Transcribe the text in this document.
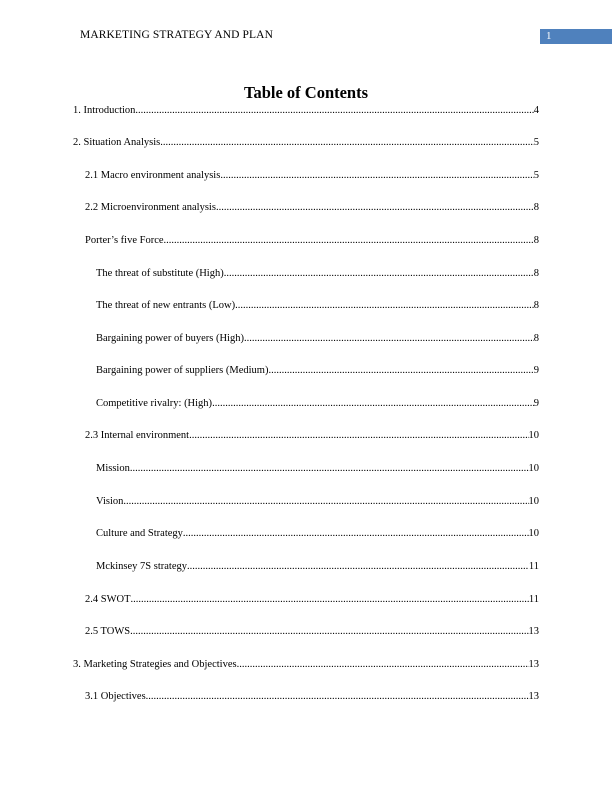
MARKETING STRATEGY AND PLAN	1
Table of Contents
1. Introduction .....	4
2. Situation Analysis .....	5
2.1 Macro environment analysis .....	5
2.2 Microenvironment analysis .....	8
Porter’s five Force .....	8
The threat of substitute (High) .....	8
The threat of new entrants (Low) .....	8
Bargaining power of buyers (High) .....	8
Bargaining power of suppliers (Medium) .....	9
Competitive rivalry: (High) .....	9
2.3 Internal environment .....	10
Mission .....	10
Vision .....	10
Culture and Strategy .....	10
Mckinsey 7S strategy .....	11
2.4 SWOT .....	11
2.5 TOWS .....	13
3. Marketing Strategies and Objectives .....	13
3.1 Objectives .....	13
